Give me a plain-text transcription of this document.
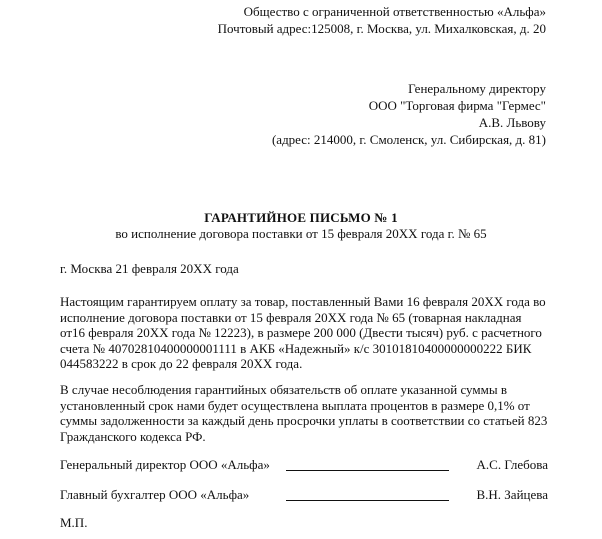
Общество с ограниченной ответственностью «Альфа»
Почтовый адрес:125008, г. Москва, ул. Михалковская, д. 20
Генеральному директору
ООО "Торговая фирма "Гермес"
А.В. Львову
(адрес: 214000, г. Смоленск, ул. Сибирская, д. 81)
ГАРАНТИЙНОЕ ПИСЬМО № 1
во исполнение договора поставки от 15 февраля 20ХХ года г. № 65
г. Москва 21 февраля 20ХХ года
Настоящим гарантируем оплату за товар, поставленный Вами 16 февраля 20ХХ года во
исполнение договора поставки от 15 февраля 20ХХ года № 65 (товарная накладная
от16 февраля 20ХХ года № 12223), в размере 200 000 (Двести тысяч) руб. с расчетного
счета № 40702810400000001111 в АКБ «Надежный» к/с 30101810400000000222 БИК
044583222 в срок до 22 февраля 20ХХ года.
В случае несоблюдения гарантийных обязательств об оплате указанной суммы в
установленный срок нами будет осуществлена выплата процентов в размере 0,1% от
суммы задолженности за каждый день просрочки уплаты в соответствии со статьей 823
Гражданского кодекса РФ.
Генеральный директор ООО «Альфа»	А.С. Глебова
Главный бухгалтер ООО «Альфа»	В.Н. Зайцева
М.П.
